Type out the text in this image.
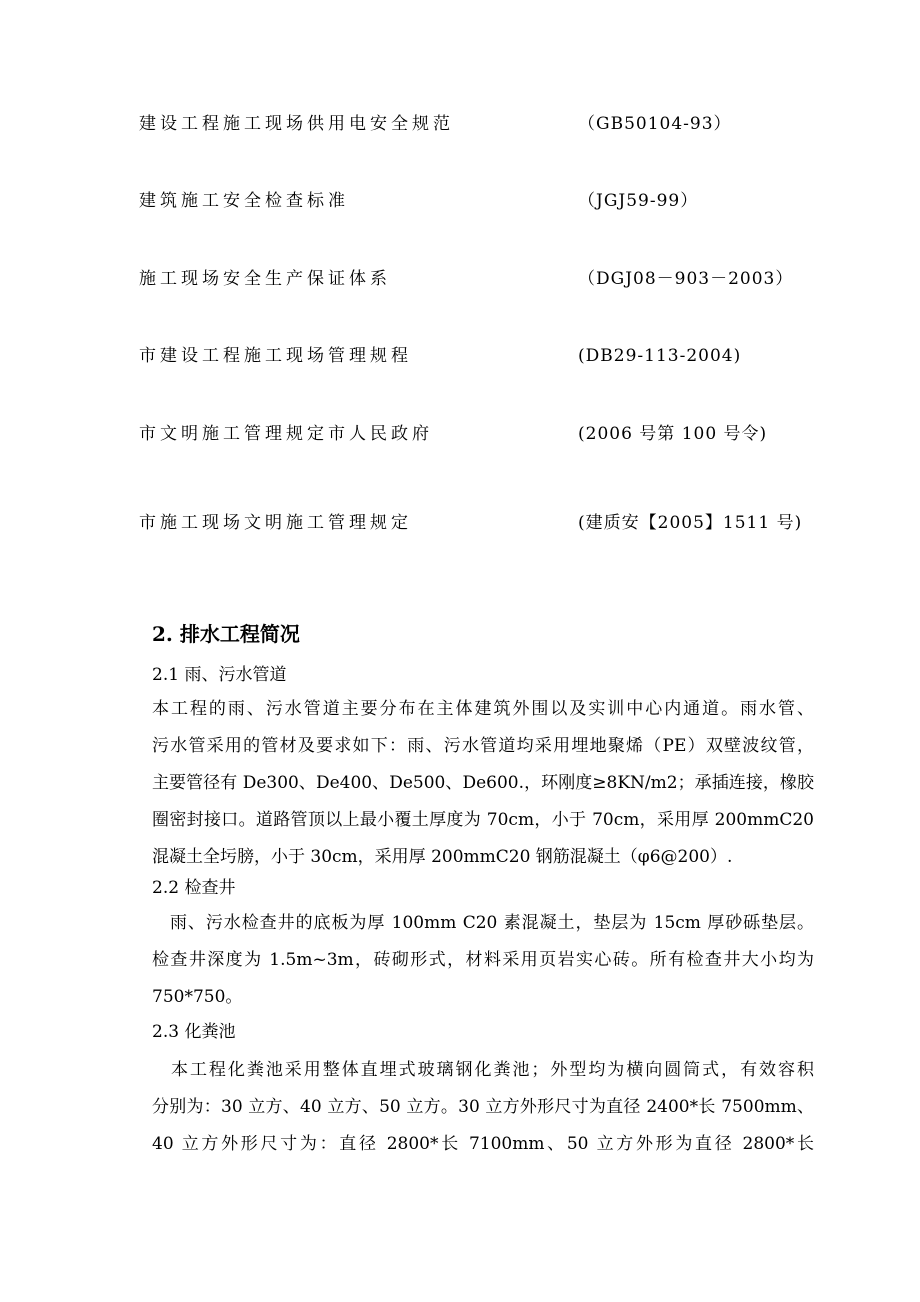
建设工程施工现场供用电安全规范	（GB50104-93）
建筑施工安全检查标准	（JGJ59-99）
施工现场安全生产保证体系	（DGJ08－903－2003）
市建设工程施工现场管理规程	(DB29-113-2004)
市文明施工管理规定市人民政府	(2006 号第 100 号令)
市施工现场文明施工管理规定	(建质安【2005】1511 号)
2. 排水工程简况
2.1 雨、污水管道
本工程的雨、污水管道主要分布在主体建筑外围以及实训中心内通道。雨水管、
污水管采用的管材及要求如下：雨、污水管道均采用埋地聚烯（PE）双壁波纹管，
主要管径有 De300、De400、De500、De600.，环刚度≥8KN/m2；承插连接，橡胶
圈密封接口。道路管顶以上最小覆土厚度为 70cm，小于 70cm，采用厚 200mmC20
混凝土全圬膀，小于 30cm，采用厚 200mmC20 钢筋混凝土（φ6@200）.
2.2 检查井
　雨、污水检查井的底板为厚 100mm C20 素混凝土，垫层为 15cm 厚砂砾垫层。
检查井深度为 1.5m~3m，砖砌形式，材料采用页岩实心砖。所有检查井大小均为
750*750。
2.3 化粪池
　本工程化粪池采用整体直埋式玻璃钢化粪池；外型均为横向圆筒式，有效容积
分别为：30 立方、40 立方、50 立方。30 立方外形尺寸为直径 2400*长 7500mm、
40 立方外形尺寸为：直径 2800*长 7100mm、50 立方外形为直径 2800*长
